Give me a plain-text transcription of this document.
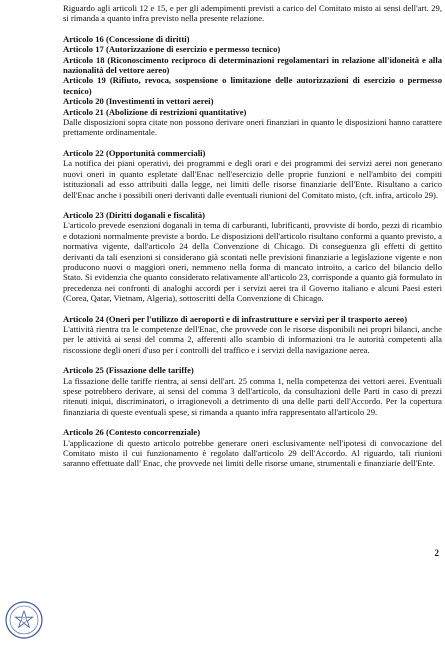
Riguardo agli articoli 12 e 15, e per gli adempimenti previsti a carico del Comitato misto ai sensi dell'art. 29, si rimanda a quanto infra previsto nella presente relazione.

Articolo 16 (Concessione di diritti)
Articolo 17 (Autorizzazione di esercizio e permesso tecnico)
Articolo 18 (Riconoscimento reciproco di determinazioni regolamentari in relazione all'idoneità e alla nazionalità del vettore aereo)
Articolo 19 (Rifiuto, revoca, sospensione o limitazione delle autorizzazioni di esercizio o permesso tecnico)
Articolo 20 (Investimenti in vettori aerei)
Articolo 21 (Abolizione di restrizioni quantitative)

Dalle disposizioni sopra citate non possono derivare oneri finanziari in quanto le disposizioni hanno carattere prettamente ordinamentale.

Articolo 22 (Opportunità commerciali)

La notifica dei piani operativi, dei programmi e degli orari e dei programmi dei servizi aerei non generano nuovi oneri in quanto espletate dall'Enac nell'esercizio delle proprie funzioni e nell'ambito dei compiti istituzionali ad esso attribuiti dalla legge, nei limiti delle risorse finanziarie dell'Ente. Risultano a carico dell'Enac anche i possibili oneri derivanti dalle eventuali riunioni del Comitato misto, (cft. infra, articolo 29).

Articolo 23 (Diritti doganali e fiscalità)

L'articolo prevede esenzioni doganali in tema di carburanti, lubrificanti, provviste di bordo, pezzi di ricambio e dotazioni normalmente previste a bordo. Le disposizioni dell'articolo risultano conformi a quanto previsto, a normativa vigente, dall'articolo 24 della Convenzione di Chicago. Di conseguenza gli effetti di gettito derivanti da tali esenzioni si considerano già scontati nelle previsioni finanziarie a legislazione vigente e non producono nuovi o maggiori oneri, nemmeno nella forma di mancato introito, a carico del bilancio dello Stato. Si evidenzia che quanto considerato relativamente all'articolo 23, corrisponde a quanto già formulato in precedenza nei confronti di analoghi accordi per i servizi aerei tra il Governo italiano e alcuni Paesi esteri (Corea, Qatar, Vietnam, Algeria), sottoscritti della Convenzione di Chicago.

Articolo 24 (Oneri per l'utilizzo di aeroporti e di infrastrutture e servizi per il trasporto aereo)

L'attività rientra tra le competenze dell'Enac, che provvede con le risorse disponibili nei propri bilanci, anche per le attività ai sensi del comma 2, afferenti allo scambio di informazioni tra le autorità competenti alla riscossione degli oneri d'uso per i controlli del traffico e i servizi della navigazione aerea.

Articolo 25 (Fissazione delle tariffe)

La fissazione delle tariffe rientra, ai sensi dell'art. 25 comma 1, nella competenza dei vettori aerei. Eventuali spese potrebbero derivare, ai sensi del comma 3 dell'articolo, da consultazioni delle Parti in caso di prezzi ritenuti iniqui, discriminatori, o irragionevoli a detrimento di una delle parti dell'Accordo. Per la copertura finanziaria di queste eventuali spese, si rimanda a quanto infra rappresentato all'articolo 29.

Articolo 26 (Contesto concorrenziale)

L'applicazione di questo articolo potrebbe generare oneri esclusivamente nell'ipotesi di convocazione del Comitato misto il cui funzionamento è regolato dall'articolo 29 dell'Accordo. Al riguardo, tali riunioni saranno effettuate dall' Enac, che provvede nei limiti delle risorse umane, strumentali e finanziarie dell'Ente.

2
